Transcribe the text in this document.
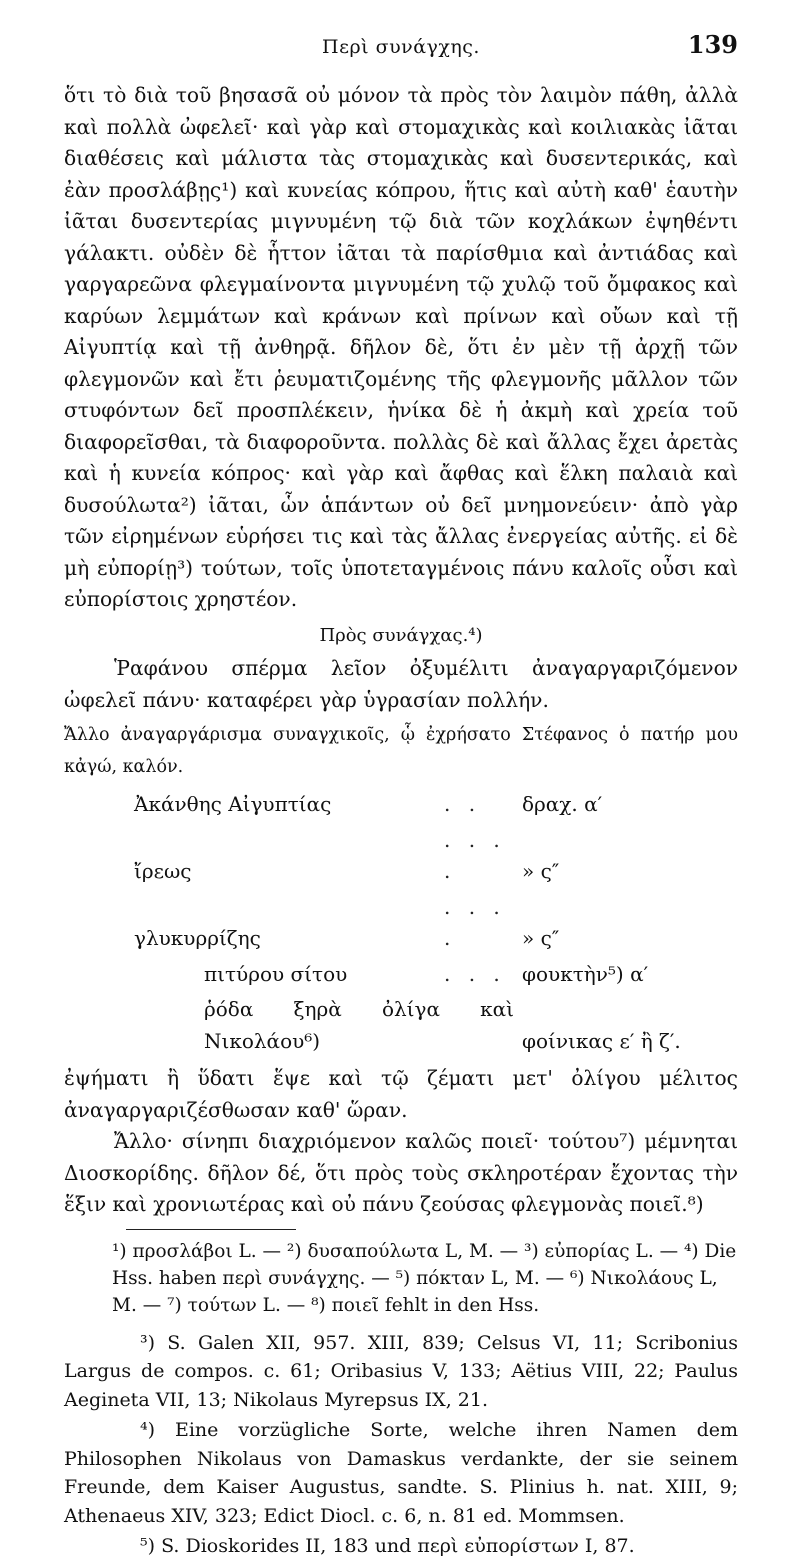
Περὶ συνάγχης.	139

ὅτι τὸ διὰ τοῦ βησασᾶ οὐ μόνον τὰ πρὸς τὸν λαιμὸν πάθη, ἀλλὰ καὶ πολλὰ ὠφελεῖ· καὶ γὰρ καὶ στομαχικὰς καὶ κοιλιακὰς ἰᾶται διαθέσεις καὶ μάλιστα τὰς στομαχικὰς καὶ δυσεντερικάς, καὶ ἐὰν προσλάβῃς¹) καὶ κυνείας κόπρου, ἥτις καὶ αὐτὴ καθ' ἑαυτὴν ἰᾶται δυσεντερίας μιγνυμένη τῷ διὰ τῶν κοχλάκων ἐψηθέντι γάλακτι. οὐδὲν δὲ ἧττον ἰᾶται τὰ παρίσθμια καὶ ἀντιάδας καὶ γαργαρεῶνα φλεγμαίνοντα μιγνυμένη τῷ χυλῷ τοῦ ὄμφακος καὶ καρύων λεμμάτων καὶ κράνων καὶ πρίνων καὶ οὔων καὶ τῇ Αἰγυπτίᾳ καὶ τῇ ἀνθηρᾷ. δῆλον δὲ, ὅτι ἐν μὲν τῇ ἀρχῇ τῶν φλεγμονῶν καὶ ἔτι ῥευματιζομένης τῆς φλεγμονῆς μᾶλλον τῶν στυφόντων δεῖ προσπλέκειν, ἡνίκα δὲ ἡ ἀκμὴ καὶ χρεία τοῦ διαφορεῖσθαι, τὰ διαφοροῦντα. πολλὰς δὲ καὶ ἄλλας ἔχει ἀρετὰς καὶ ἡ κυνεία κόπρος· καὶ γὰρ καὶ ἄφθας καὶ ἕλκη παλαιὰ καὶ δυσούλωτα²) ἰᾶται, ὧν ἁπάντων οὐ δεῖ μνημονεύειν· ἀπὸ γὰρ τῶν εἰρημένων εὑρήσει τις καὶ τὰς ἄλλας ἐνεργείας αὐτῆς. εἰ δὲ μὴ εὐπορίῃ³) τούτων, τοῖς ὑποτεταγμένοις πάνυ καλοῖς οὖσι καὶ εὐπορίστοις χρηστέον.

Πρὸς συνάγχας.⁴)

Ῥαφάνου σπέρμα λεῖον ὀξυμέλιτι ἀναγαργαριζόμενον ὠφελεῖ πάνυ· καταφέρει γὰρ ὑγρασίαν πολλήν.

Ἄλλο ἀναγαργάρισμα συναγχικοῖς, ᾧ ἐχρήσατο Στέφανος ὁ πατήρ μου κἀγώ, καλόν.

Ἀκάνθης Αἰγυπτίας	. .	δραχ. α′
ἴρεως	. . . .	» ς″
γλυκυρρίζης	. . . .	» ς″
πιτύρου σίτου	. . .	φουκτὴν⁵) α′
ῥόδα ξηρὰ ὀλίγα καὶ Νικολάου⁶)		φοίνικας ε′ ἢ ζ′.

ἐψήματι ἢ ὕδατι ἕψε καὶ τῷ ζέματι μετ' ὀλίγου μέλιτος ἀναγαργαριζέσθωσαν καθ' ὥραν.

Ἄλλο· σίνηπι διαχριόμενον καλῶς ποιεῖ· τούτου⁷) μέμνηται Διοσκορίδης. δῆλον δέ, ὅτι πρὸς τοὺς σκληροτέραν ἔχοντας τὴν ἕξιν καὶ χρονιωτέρας καὶ οὐ πάνυ ζεούσας φλεγμονὰς ποιεῖ.⁸)

¹) προσλάβοι L. — ²) δυσαπούλωτα L, M. — ³) εὐπορίας L. — ⁴) Die Hss. haben περὶ συνάγχης. — ⁵) πόκταν L, M. — ⁶) Νικολάους L, M. — ⁷) τούτων L. — ⁸) ποιεῖ fehlt in den Hss.

³) S. Galen XII, 957. XIII, 839; Celsus VI, 11; Scribonius Largus de compos. c. 61; Oribasius V, 133; Aëtius VIII, 22; Paulus Aegineta VII, 13; Nikolaus Myrepsus IX, 21.

⁴) Eine vorzügliche Sorte, welche ihren Namen dem Philosophen Nikolaus von Damaskus verdankte, der sie seinem Freunde, dem Kaiser Augustus, sandte. S. Plinius h. nat. XIII, 9; Athenaeus XIV, 323; Edict Diocl. c. 6, n. 81 ed. Mommsen.

⁵) S. Dioskorides II, 183 und περὶ εὐπορίστων I, 87.
